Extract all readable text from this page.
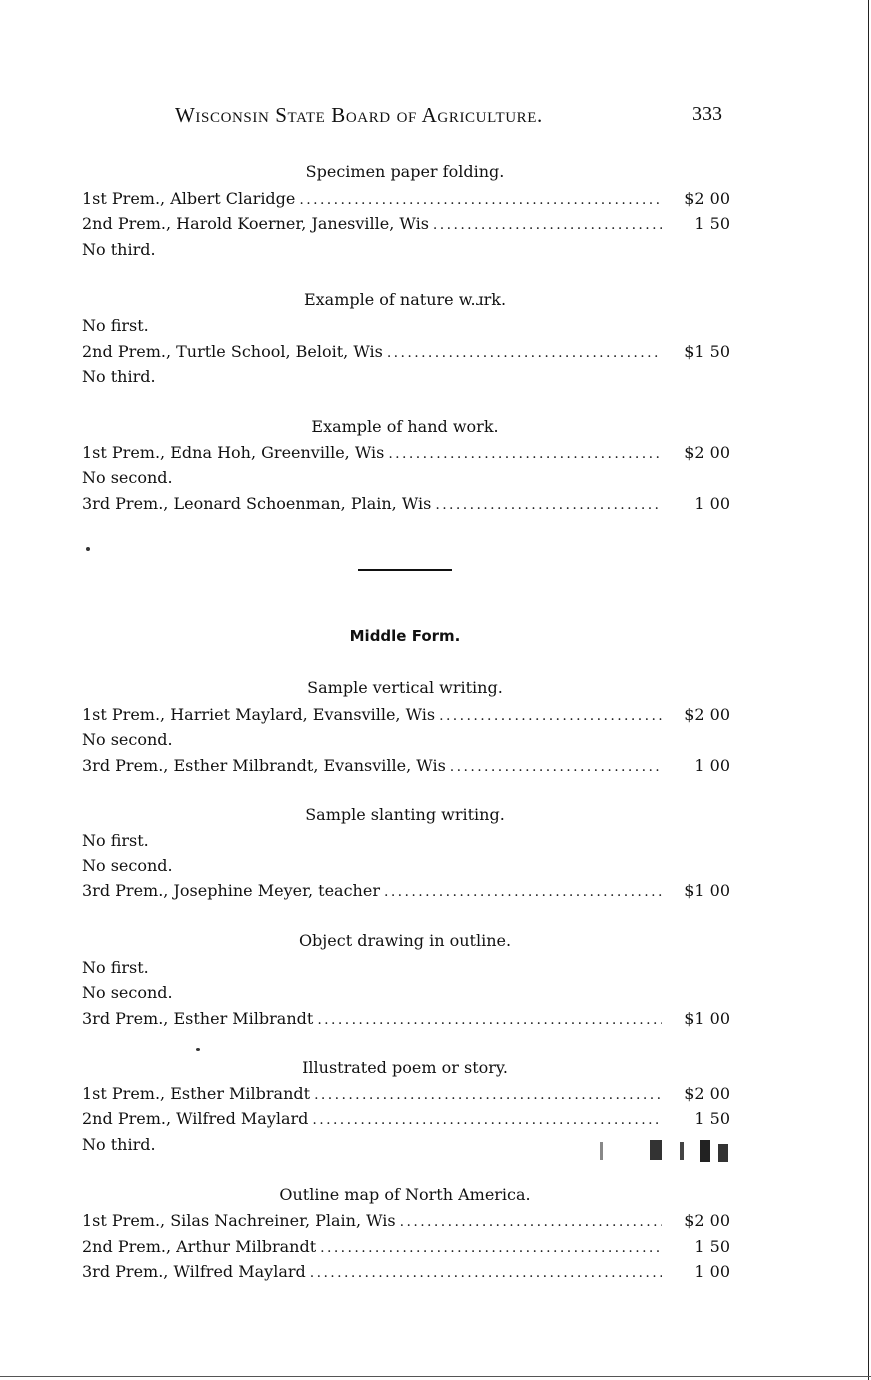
Wisconsin State Board of Agriculture.	333
Specimen paper folding.
1st Prem., Albert Claridge .....	$2 00
2nd Prem., Harold Koerner, Janesville, Wis .....	1 50
No third.
Example of nature w.ɹrk.
No first.
2nd Prem., Turtle School, Beloit, Wis .....	$1 50
No third.
Example of hand work.
1st Prem., Edna Hoh, Greenville, Wis .....	$2 00
No second.
3rd Prem., Leonard Schoenman, Plain, Wis .....	1 00
Middle Form.
Sample vertical writing.
1st Prem., Harriet Maylard, Evansville, Wis .....	$2 00
No second.
3rd Prem., Esther Milbrandt, Evansville, Wis .....	1 00
Sample slanting writing.
No first.
No second.
3rd Prem., Josephine Meyer, teacher .....	$1 00
Object drawing in outline.
No first.
No second.
3rd Prem., Esther Milbrandt .....	$1 00
Illustrated poem or story.
1st Prem., Esther Milbrandt .....	$2 00
2nd Prem., Wilfred Maylard .....	1 50
No third.
Outline map of North America.
1st Prem., Silas Nachreiner, Plain, Wis .....	$2 00
2nd Prem., Arthur Milbrandt .....	1 50
3rd Prem., Wilfred Maylard .....	1 00
